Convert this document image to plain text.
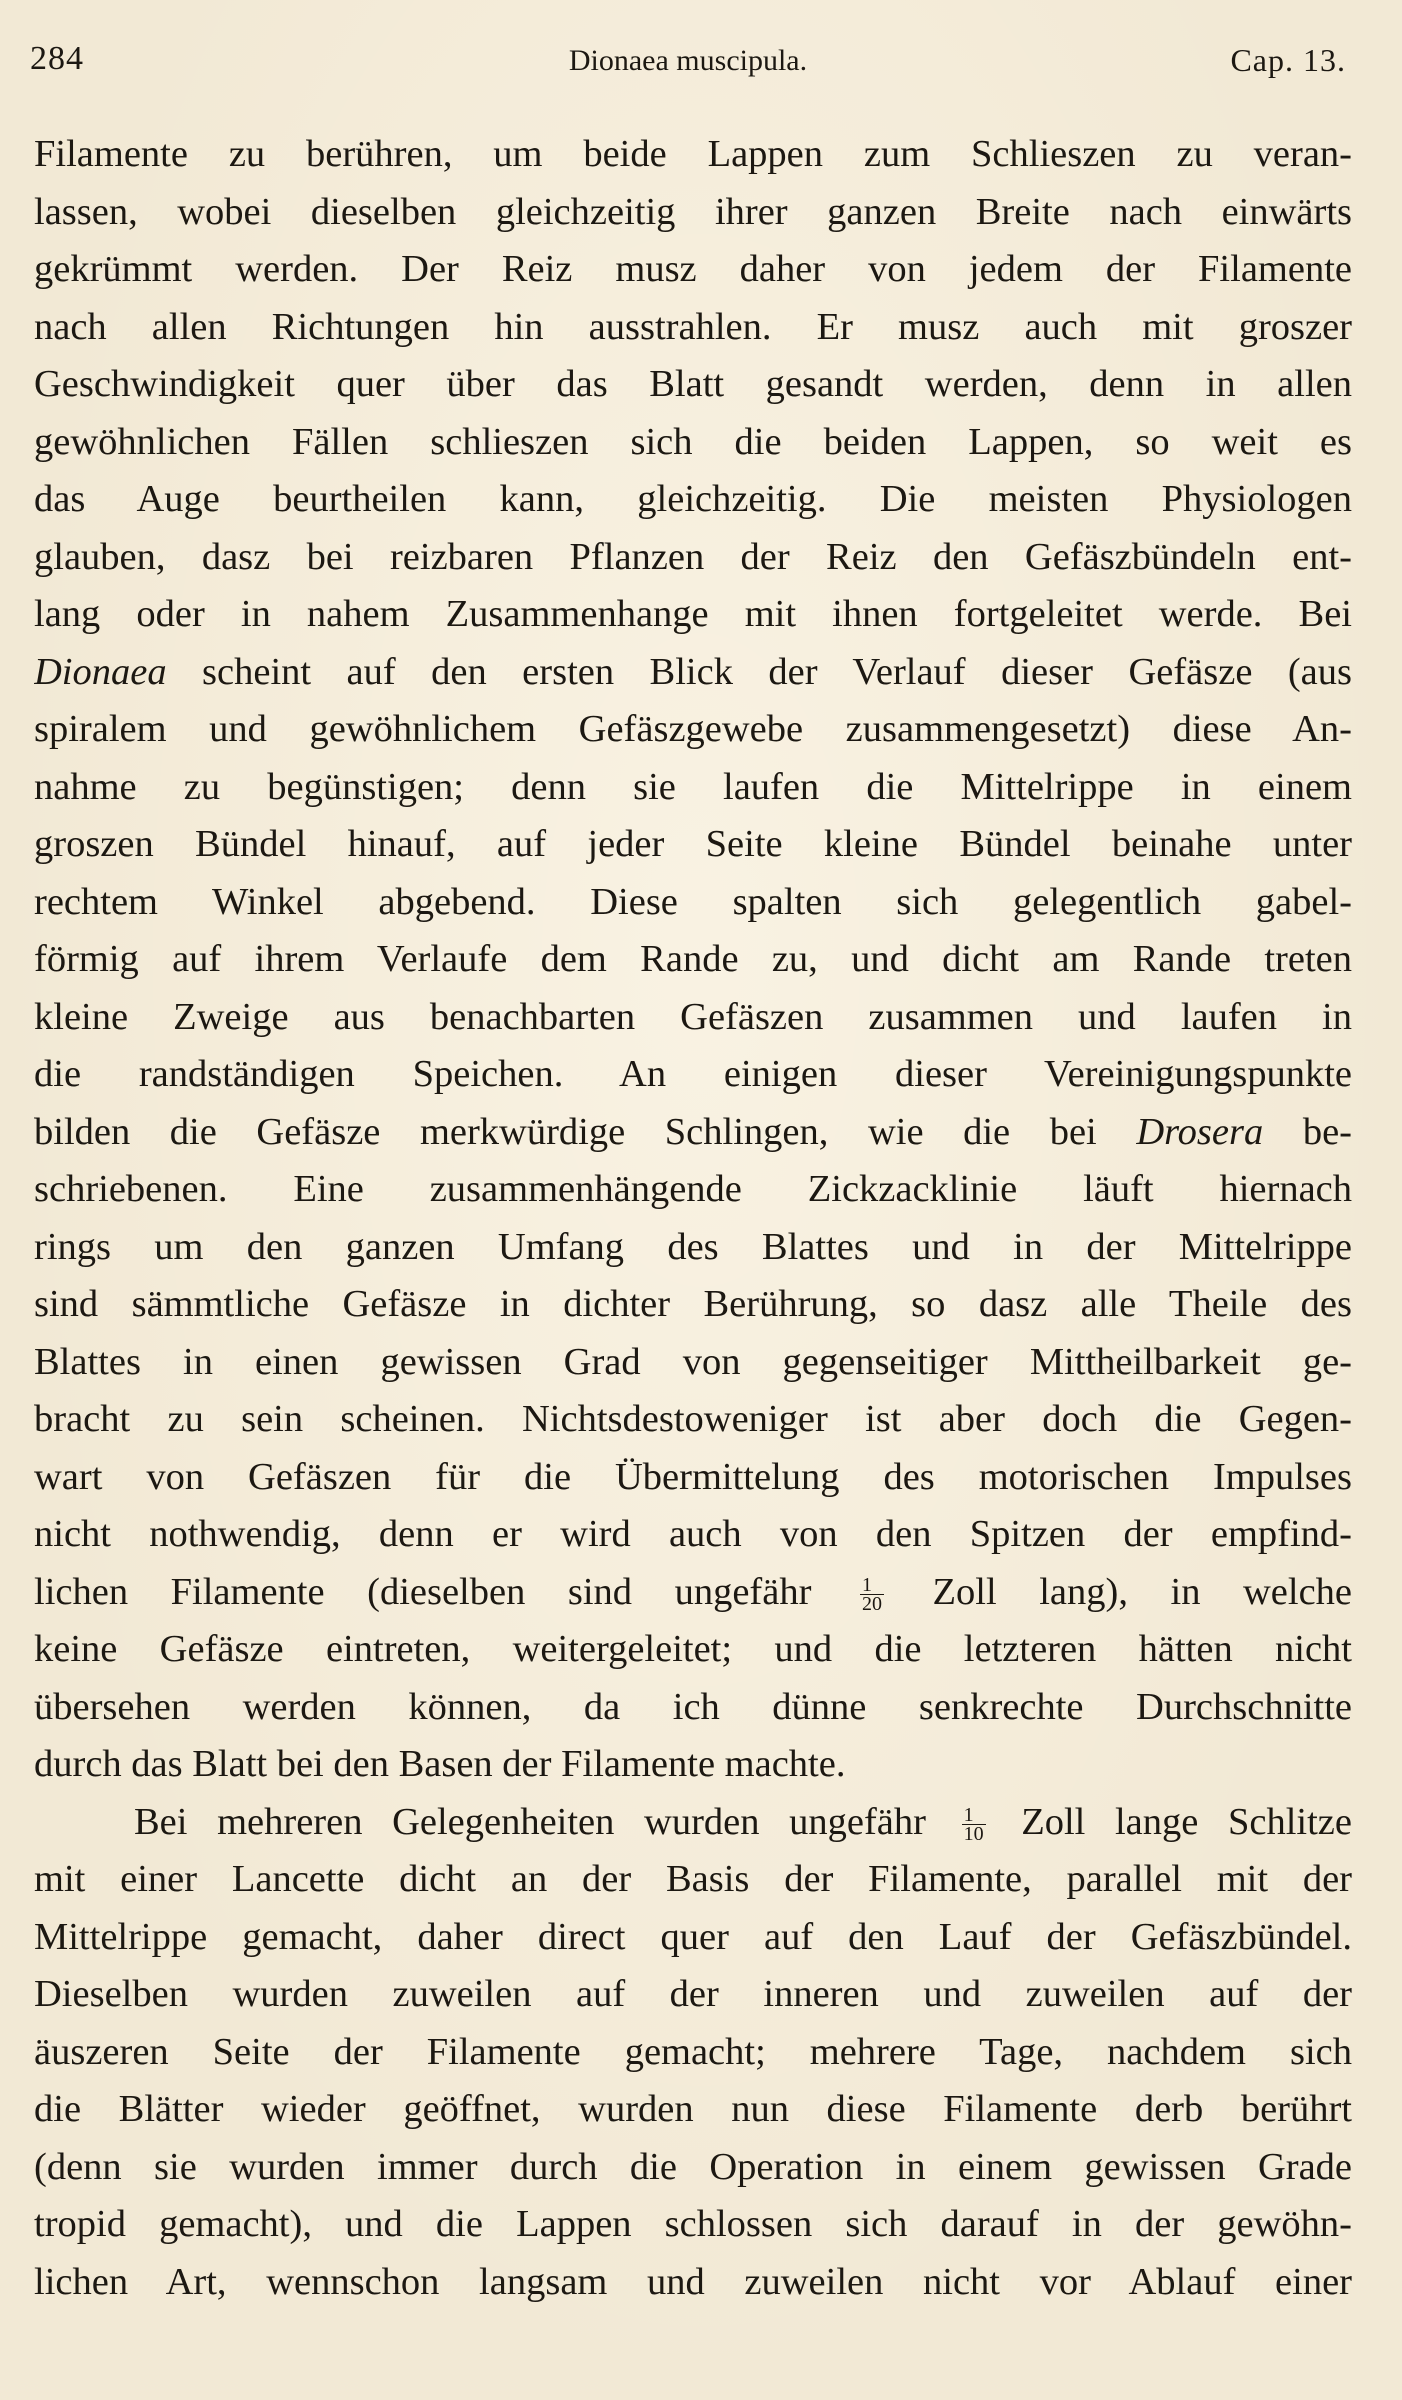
284	Dionaea muscipula.	Cap. 13.
Filamente zu berühren, um beide Lappen zum Schlieszen zu veran-
lassen, wobei dieselben gleichzeitig ihrer ganzen Breite nach einwärts
gekrümmt werden. Der Reiz musz daher von jedem der Filamente
nach allen Richtungen hin ausstrahlen. Er musz auch mit groszer
Geschwindigkeit quer über das Blatt gesandt werden, denn in allen
gewöhnlichen Fällen schlieszen sich die beiden Lappen, so weit es
das Auge beurtheilen kann, gleichzeitig. Die meisten Physiologen
glauben, dasz bei reizbaren Pflanzen der Reiz den Gefäszbündeln ent-
lang oder in nahem Zusammenhange mit ihnen fortgeleitet werde. Bei
Dionaea scheint auf den ersten Blick der Verlauf dieser Gefäsze (aus
spiralem und gewöhnlichem Gefäszgewebe zusammengesetzt) diese An-
nahme zu begünstigen; denn sie laufen die Mittelrippe in einem
groszen Bündel hinauf, auf jeder Seite kleine Bündel beinahe unter
rechtem Winkel abgebend. Diese spalten sich gelegentlich gabel-
förmig auf ihrem Verlaufe dem Rande zu, und dicht am Rande treten
kleine Zweige aus benachbarten Gefäszen zusammen und laufen in
die randständigen Speichen. An einigen dieser Vereinigungspunkte
bilden die Gefäsze merkwürdige Schlingen, wie die bei Drosera be-
schriebenen. Eine zusammenhängende Zickzacklinie läuft hiernach
rings um den ganzen Umfang des Blattes und in der Mittelrippe
sind sämmtliche Gefäsze in dichter Berührung, so dasz alle Theile des
Blattes in einen gewissen Grad von gegenseitiger Mittheilbarkeit ge-
bracht zu sein scheinen. Nichtsdestoweniger ist aber doch die Gegen-
wart von Gefäszen für die Übermittelung des motorischen Impulses
nicht nothwendig, denn er wird auch von den Spitzen der empfind-
lichen Filamente (dieselben sind ungefähr $\frac{1}{20}$ Zoll lang), in welche
keine Gefäsze eintreten, weitergeleitet; und die letzteren hätten nicht
übersehen werden können, da ich dünne senkrechte Durchschnitte
durch das Blatt bei den Basen der Filamente machte.
Bei mehreren Gelegenheiten wurden ungefähr $\frac{1}{10}$ Zoll lange Schlitze
mit einer Lancette dicht an der Basis der Filamente, parallel mit der
Mittelrippe gemacht, daher direct quer auf den Lauf der Gefäszbündel.
Dieselben wurden zuweilen auf der inneren und zuweilen auf der
äuszeren Seite der Filamente gemacht; mehrere Tage, nachdem sich
die Blätter wieder geöffnet, wurden nun diese Filamente derb berührt
(denn sie wurden immer durch die Operation in einem gewissen Grade
tropid gemacht), und die Lappen schlossen sich darauf in der gewöhn-
lichen Art, wennschon langsam und zuweilen nicht vor Ablauf einer
